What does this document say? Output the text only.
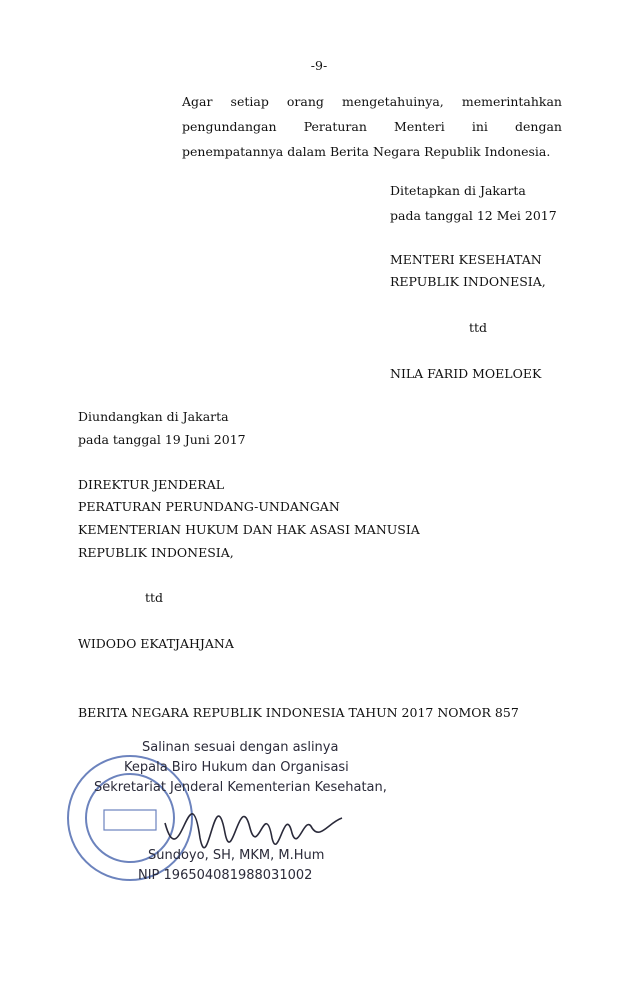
-9-
Agar setiap orang mengetahuinya, memerintahkan
pengundangan Peraturan Menteri ini dengan
penempatannya dalam Berita Negara Republik Indonesia.
Ditetapkan di Jakarta
pada tanggal 12 Mei 2017
MENTERI KESEHATAN
REPUBLIK INDONESIA,
ttd
NILA FARID MOELOEK
Diundangkan di Jakarta
pada tanggal 19 Juni 2017
DIREKTUR JENDERAL
PERATURAN PERUNDANG-UNDANGAN
KEMENTERIAN HUKUM DAN HAK ASASI MANUSIA
REPUBLIK INDONESIA,
ttd
WIDODO EKATJAHJANA
BERITA NEGARA REPUBLIK INDONESIA TAHUN 2017 NOMOR 857
Salinan sesuai dengan aslinya
Kepala Biro Hukum dan Organisasi
Sekretariat Jenderal Kementerian Kesehatan,
Sundoyo, SH, MKM, M.Hum
NIP 196504081988031002
